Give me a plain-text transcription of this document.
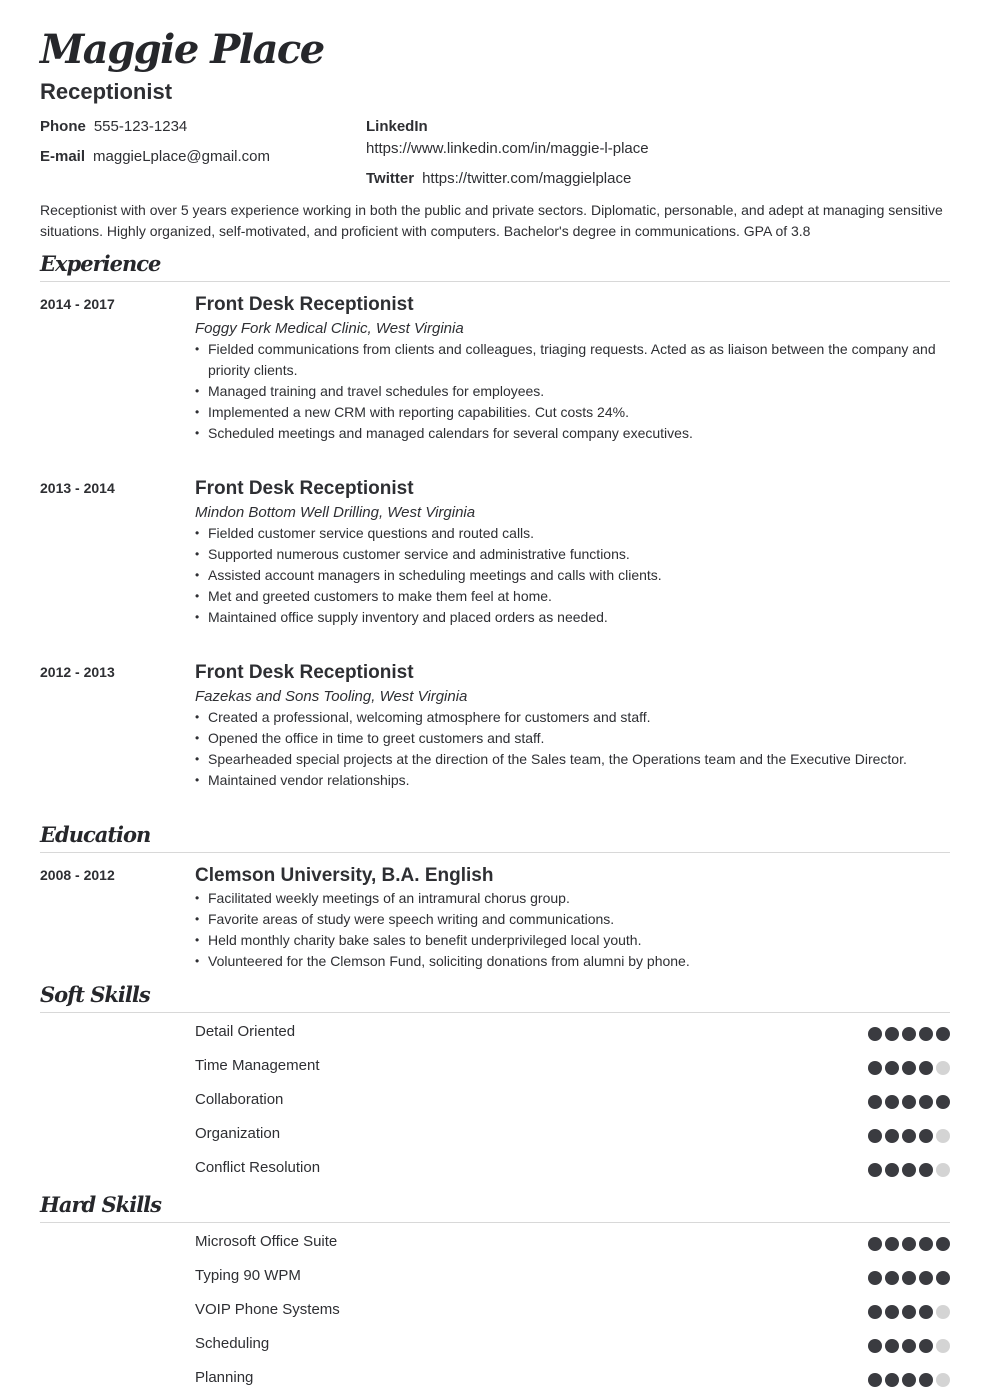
Maggie Place
Receptionist
Phone 555-123-1234
E-mail maggieLplace@gmail.com
LinkedIn
https://www.linkedin.com/in/maggie-l-place
Twitter https://twitter.com/maggielplace
Receptionist with over 5 years experience working in both the public and private sectors. Diplomatic, personable, and adept at managing sensitive situations. Highly organized, self-motivated, and proficient with computers. Bachelor's degree in communications. GPA of 3.8
Experience
2014 - 2017	Front Desk Receptionist
Foggy Fork Medical Clinic, West Virginia
• Fielded communications from clients and colleagues, triaging requests. Acted as as liaison between the company and priority clients.
• Managed training and travel schedules for employees.
• Implemented a new CRM with reporting capabilities. Cut costs 24%.
• Scheduled meetings and managed calendars for several company executives.
2013 - 2014	Front Desk Receptionist
Mindon Bottom Well Drilling, West Virginia
• Fielded customer service questions and routed calls.
• Supported numerous customer service and administrative functions.
• Assisted account managers in scheduling meetings and calls with clients.
• Met and greeted customers to make them feel at home.
• Maintained office supply inventory and placed orders as needed.
2012 - 2013	Front Desk Receptionist
Fazekas and Sons Tooling, West Virginia
• Created a professional, welcoming atmosphere for customers and staff.
• Opened the office in time to greet customers and staff.
• Spearheaded special projects at the direction of the Sales team, the Operations team and the Executive Director.
• Maintained vendor relationships.
Education
2008 - 2012	Clemson University, B.A. English
• Facilitated weekly meetings of an intramural chorus group.
• Favorite areas of study were speech writing and communications.
• Held monthly charity bake sales to benefit underprivileged local youth.
• Volunteered for the Clemson Fund, soliciting donations from alumni by phone.
Soft Skills
Detail Oriented
Time Management
Collaboration
Organization
Conflict Resolution
Hard Skills
Microsoft Office Suite
Typing 90 WPM
VOIP Phone Systems
Scheduling
Planning
